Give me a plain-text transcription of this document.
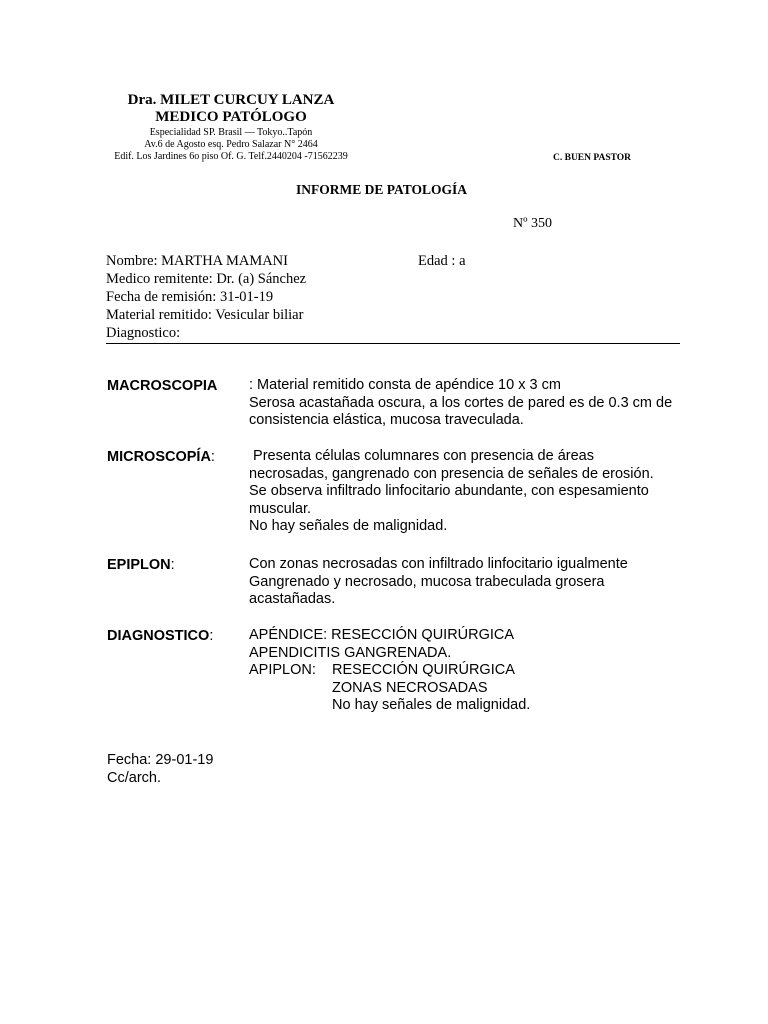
Dra. MILET CURCUY LANZA
MEDICO PATÓLOGO
Especialidad SP. Brasil — Tokyo..Tapón
Av.6 de Agosto esq. Pedro Salazar N° 2464
Edif. Los Jardines 6o piso Of. G. Telf.2440204 -71562239	C. BUEN PASTOR
INFORME DE PATOLOGÍA
Nº 350
Nombre: MARTHA MAMANI	Edad : a
Medico remitente: Dr. (a) Sánchez
Fecha de remisión: 31-01-19
Material remitido: Vesicular biliar
Diagnostico:
MACROSCOPIA : Material remitido consta de apéndice 10 x 3 cm
Serosa acastañada oscura, a los cortes de pared es de 0.3 cm de
consistencia elástica, mucosa traveculada.
MICROSCOPÍA: Presenta células columnares con presencia de áreas
necrosadas, gangrenado con presencia de señales de erosión.
Se observa infiltrado linfocitario abundante, con espesamiento
muscular.
No hay señales de malignidad.
EPIPLON:	Con zonas necrosadas con infiltrado linfocitario igualmente
Gangrenado y necrosado, mucosa trabeculada grosera
acastañadas.
DIAGNOSTICO: APÉNDICE: RESECCIÓN QUIRÚRGICA
APENDICITIS GANGRENADA.
APIPLON: RESECCIÓN QUIRÚRGICA
ZONAS NECROSADAS
No hay señales de malignidad.
Fecha: 29-01-19
Cc/arch.
